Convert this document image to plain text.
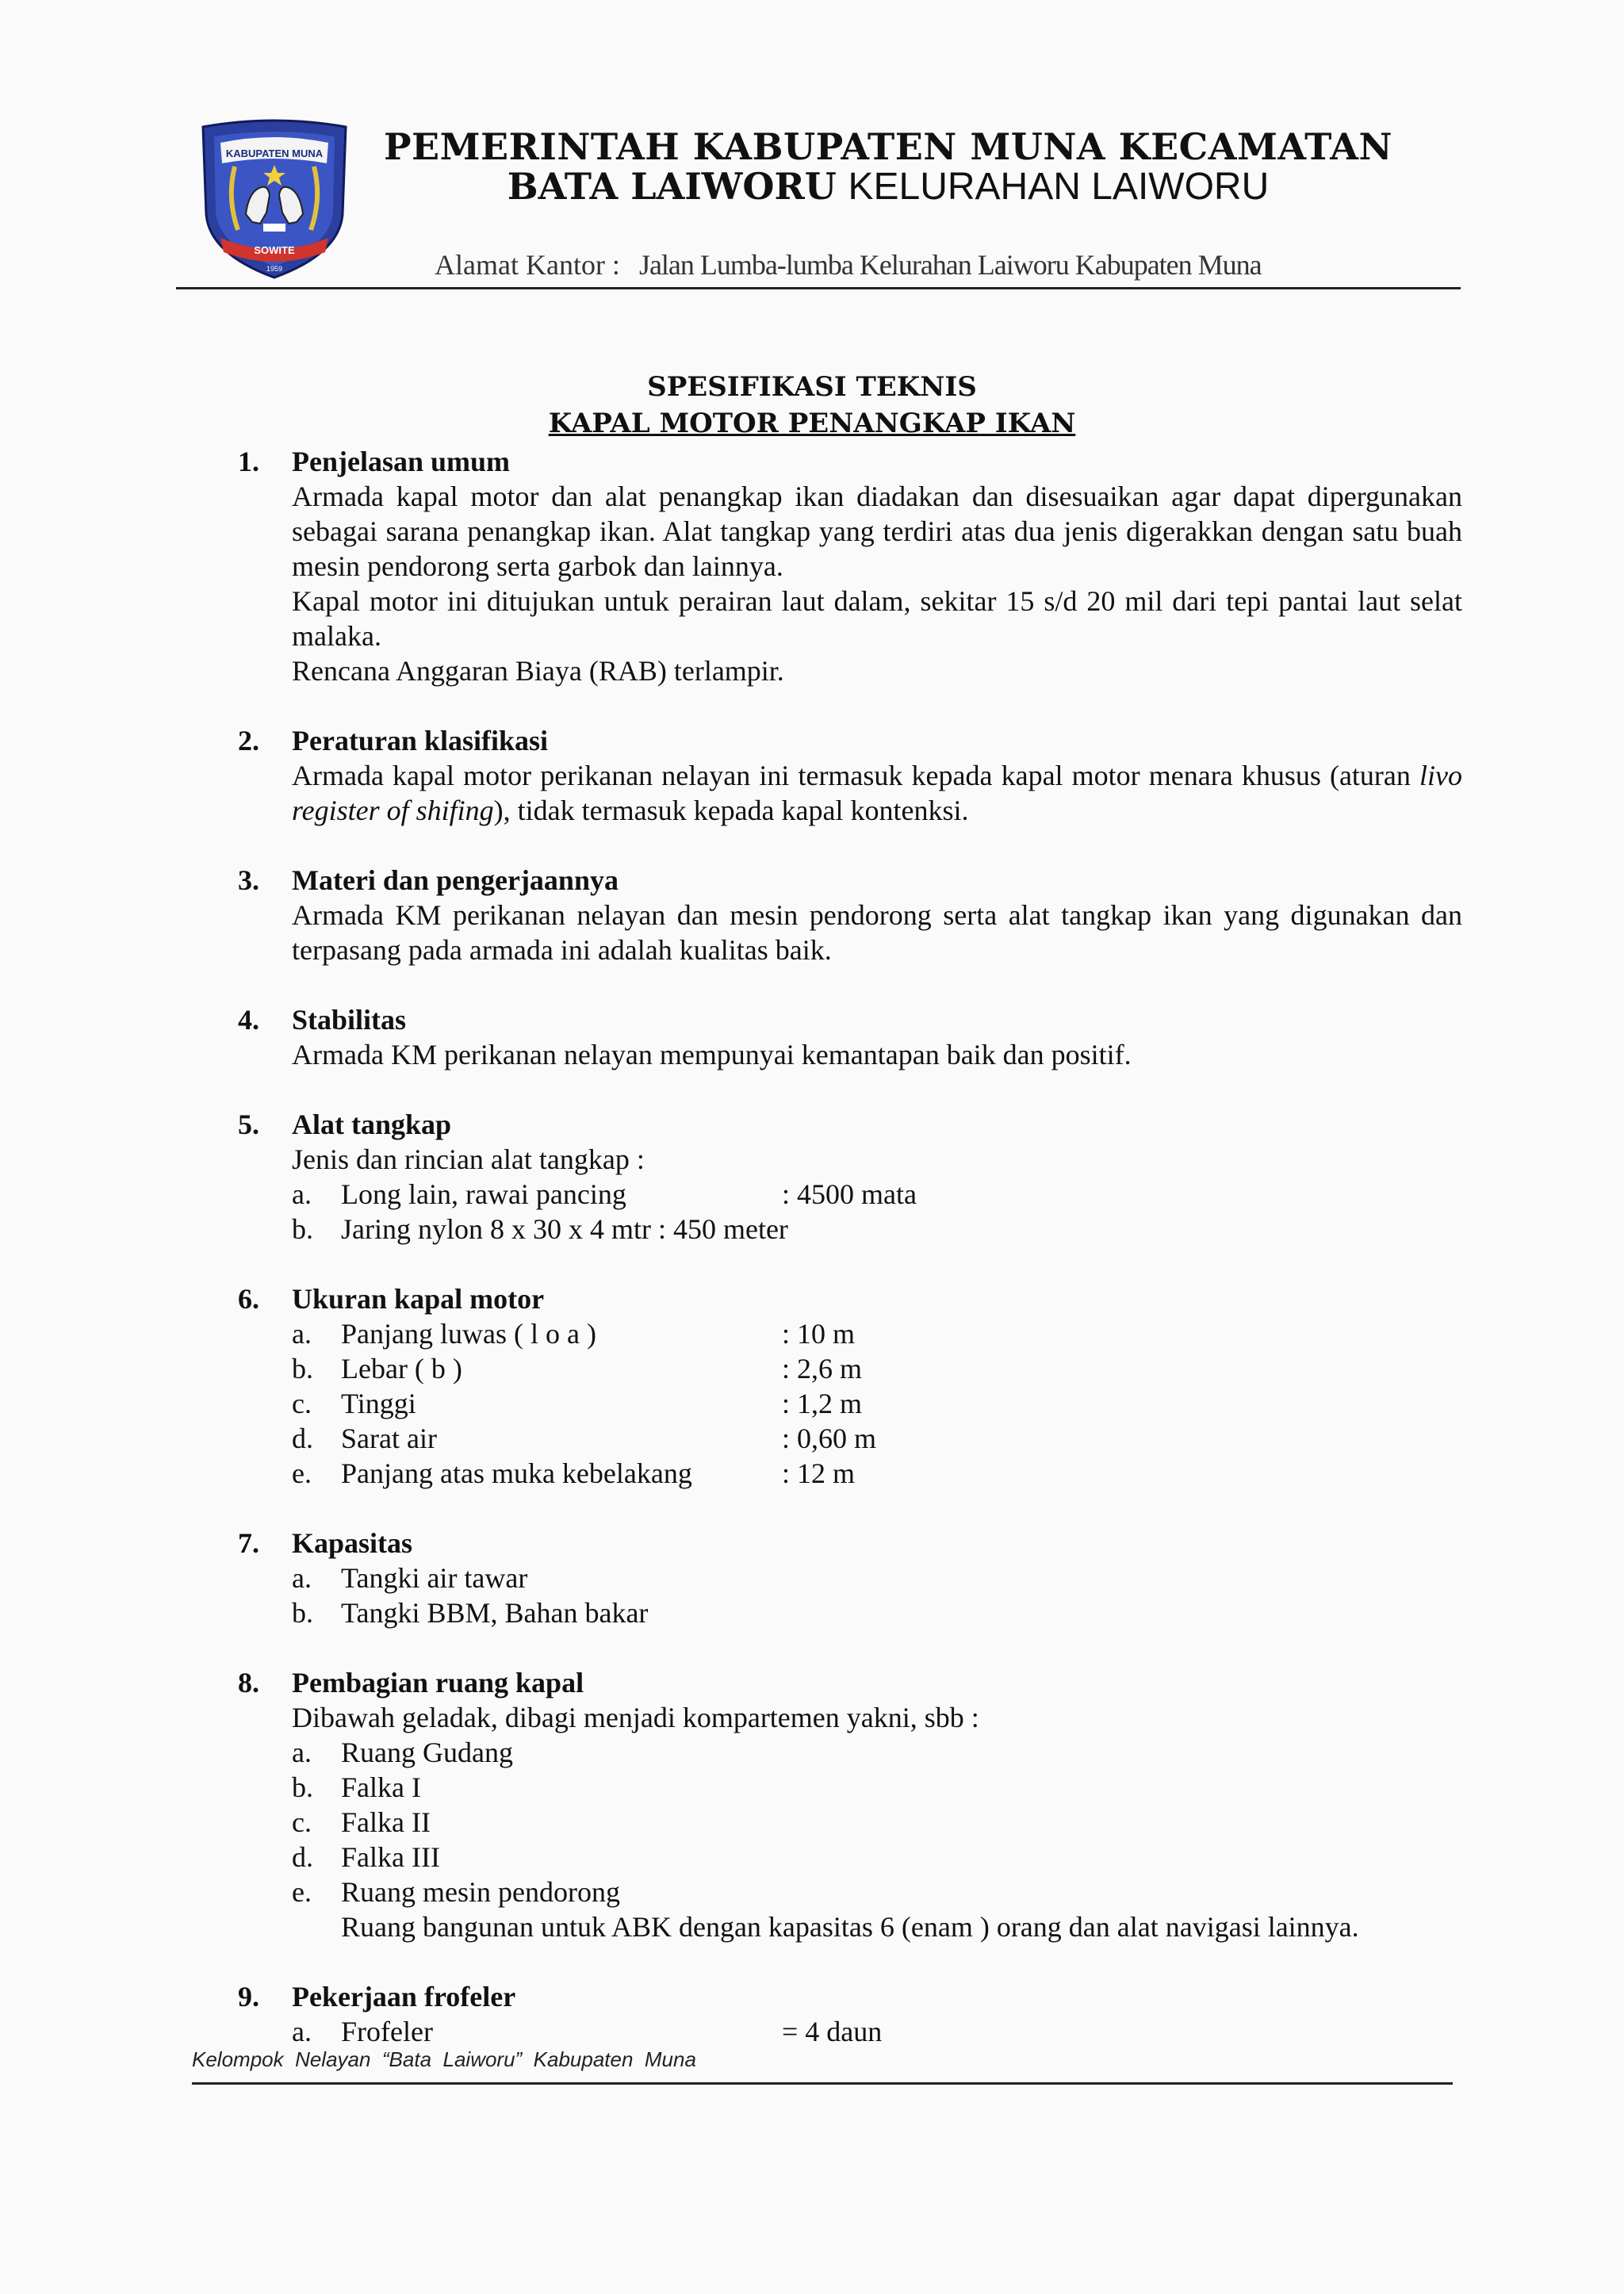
KABUPATEN MUNA
SOWITE
1959
PEMERINTAH KABUPATEN MUNA KECAMATAN
BATA LAIWORU KELURAHAN LAIWORU
Alamat Kantor : Jalan Lumba-lumba Kelurahan Laiworu Kabupaten Muna
SPESIFIKASI TEKNIS
KAPAL MOTOR PENANGKAP IKAN
1. Penjelasan umum
Armada kapal motor dan alat penangkap ikan diadakan dan disesuaikan agar dapat dipergunakan sebagai sarana penangkap ikan. Alat tangkap yang terdiri atas dua jenis digerakkan dengan satu buah mesin pendorong serta garbok dan lainnya.
Kapal motor ini ditujukan untuk perairan laut dalam, sekitar 15 s/d 20 mil dari tepi pantai laut selat malaka.
Rencana Anggaran Biaya (RAB) terlampir.
2. Peraturan klasifikasi
Armada kapal motor perikanan nelayan ini termasuk kepada kapal motor menara khusus (aturan livo register of shifing), tidak termasuk kepada kapal kontenksi.
3. Materi dan pengerjaannya
Armada KM perikanan nelayan dan mesin pendorong serta alat tangkap ikan yang digunakan dan terpasang pada armada ini adalah kualitas baik.
4. Stabilitas
Armada KM perikanan nelayan mempunyai kemantapan baik dan positif.
5. Alat tangkap
Jenis dan rincian alat tangkap :
a.	Long lain, rawai pancing	: 4500 mata
b. Jaring nylon 8 x 30 x 4 mtr : 450 meter
6. Ukuran kapal motor
a.	Panjang luwas ( l o a )	: 10 m
b. Lebar ( b )	: 2,6 m
c.	Tinggi	: 1,2 m
d. Sarat air	: 0,60 m
e.	Panjang atas muka kebelakang	: 12 m
7. Kapasitas
a.	Tangki air tawar
b. Tangki BBM, Bahan bakar
8. Pembagian ruang kapal
Dibawah geladak, dibagi menjadi kompartemen yakni, sbb :
a.	Ruang Gudang
b. Falka I
c.	Falka II
d. Falka III
e.	Ruang mesin pendorong
Ruang bangunan untuk ABK dengan kapasitas 6 (enam ) orang dan alat navigasi lainnya.
9. Pekerjaan frofeler
a.	Frofeler	= 4 daun
Kelompok  Nelayan  “Bata  Laiworu”  Kabupaten  Muna
